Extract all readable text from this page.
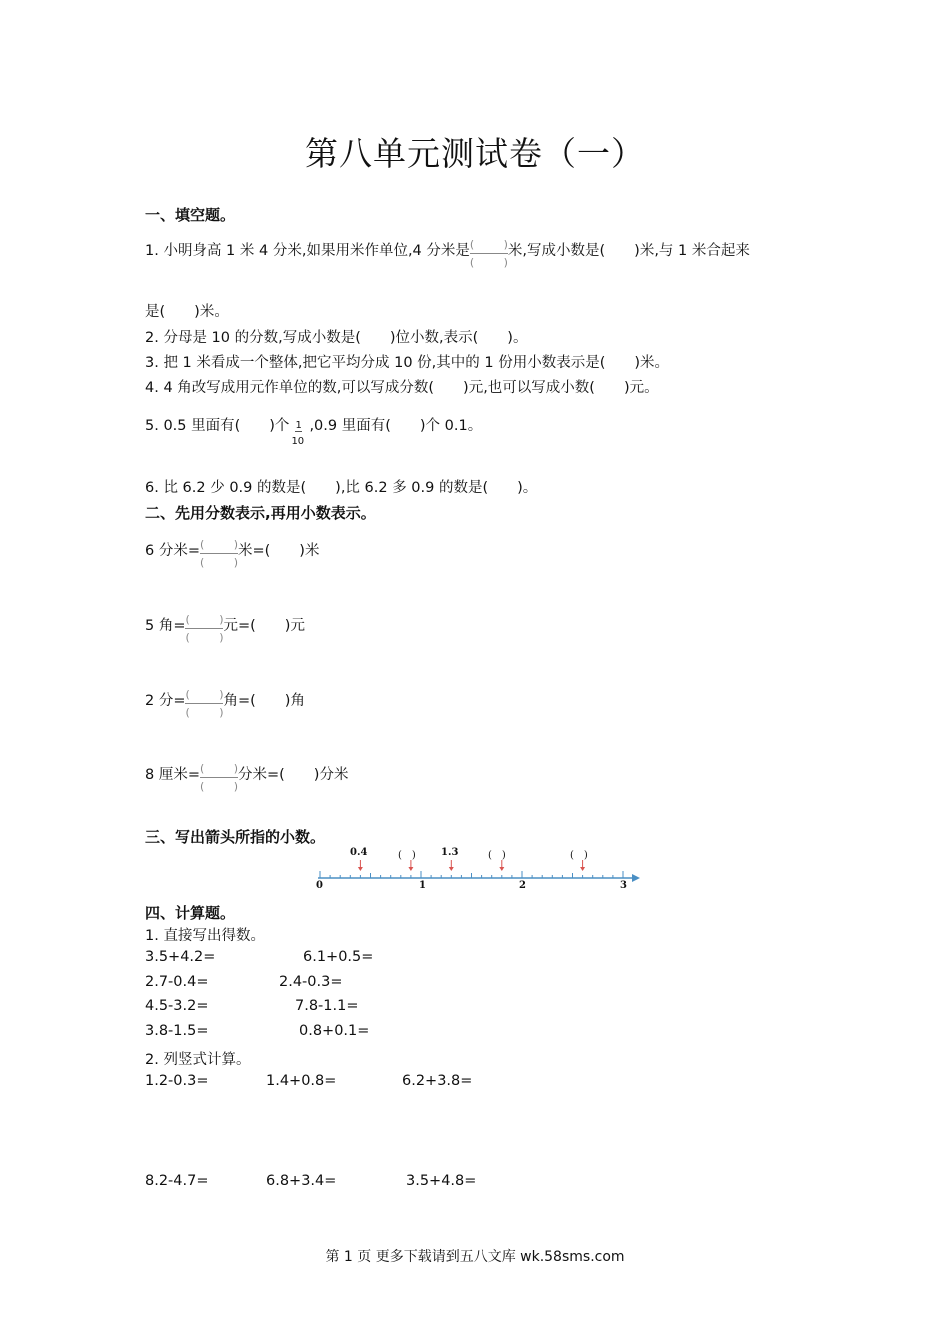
第八单元测试卷（一）
一、填空题。
1. 小明身高 1 米 4 分米,如果用米作单位,4 分米是 (	)
(	)
米,写成小数是(　　)米,与 1 米合起来
是(　　)米。
2. 分母是 10 的分数,写成小数是(　　)位小数,表示(　　)。
3. 把 1 米看成一个整体,把它平均分成 10 份,其中的 1 份用小数表示是(　　)米。
4. 4 角改写成用元作单位的数,可以写成分数(　　)元,也可以写成小数(　　)元。
5. 0.5 里面有(　　)个 $\frac{1}{10} ,0.9$ 里面有(　　)个 0.1。
6. 比 6.2 少 0.9 的数是(　　),比 6.2 多 0.9 的数是(　　)。
二、先用分数表示,再用小数表示。
6 分米= (	)
(	)
米=(　　)米
5 角= (	)
(	)
元=(　　)元
2 分= (	)
(	)
角=(　　)角
8 厘米= (	)
(	)
分米=(　　)分米
三、写出箭头所指的小数。
0.4	(　)	1.3	(　)	(　)
0	1	2	3
四、计算题。
1. 直接写出得数。
3.5+4.2=	6.1+0.5=
2.7-0.4=	2.4-0.3=
4.5-3.2=	7.8-1.1=
3.8-1.5=	0.8+0.1=
2. 列竖式计算。
1.2-0.3=	1.4+0.8=	6.2+3.8=
8.2-4.7=	6.8+3.4=	3.5+4.8=
第 1 页 更多下载请到五八文库 wk.58sms.com
